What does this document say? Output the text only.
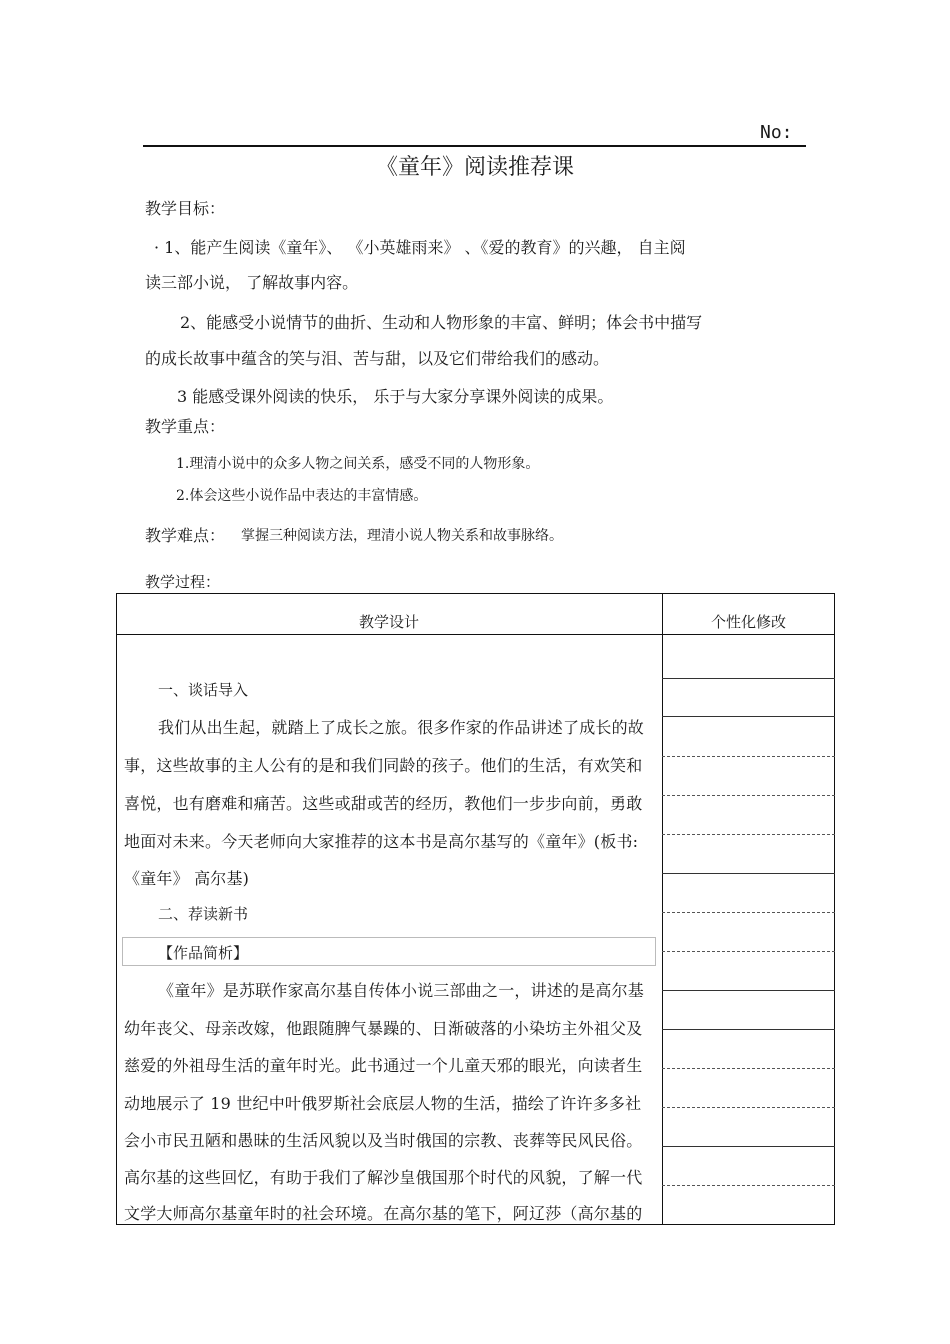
No:
《童年》阅读推荐课
教学目标：
· 1、能产生阅读《童年》、 《小英雄雨来》 、《爱的教育》的兴趣， 自主阅
读三部小说， 了解故事内容。
2、能感受小说情节的曲折、生动和人物形象的丰富、鲜明；体会书中描写
的成长故事中蕴含的笑与泪、苦与甜，以及它们带给我们的感动。
3 能感受课外阅读的快乐， 乐于与大家分享课外阅读的成果。
教学重点：
1.理清小说中的众多人物之间关系，感受不同的人物形象。
2.体会这些小说作品中表达的丰富情感。
教学难点： 掌握三种阅读方法，理清小说人物关系和故事脉络。
教学过程：
教学设计	个性化修改
一、谈话导入
我们从出生起，就踏上了成长之旅。很多作家的作品讲述了成长的故
事，这些故事的主人公有的是和我们同龄的孩子。他们的生活，有欢笑和
喜悦，也有磨难和痛苦。这些或甜或苦的经历，教他们一步步向前，勇敢
地面对未来。今天老师向大家推荐的这本书是高尔基写的《童年》(板书:
《童年》 高尔基)
二、荐读新书
【作品简析】
《童年》是苏联作家高尔基自传体小说三部曲之一，讲述的是高尔基
幼年丧父、母亲改嫁，他跟随脾气暴躁的、日渐破落的小染坊主外祖父及
慈爱的外祖母生活的童年时光。此书通过一个儿童天邪的眼光，向读者生
动地展示了 19 世纪中叶俄罗斯社会底层人物的生活，描绘了许许多多社
会小市民丑陋和愚昧的生活风貌以及当时俄国的宗教、丧葬等民风民俗。
高尔基的这些回忆，有助于我们了解沙皇俄国那个时代的风貌，了解一代
文学大师高尔基童年时的社会环境。在高尔基的笔下，阿辽莎（高尔基的
